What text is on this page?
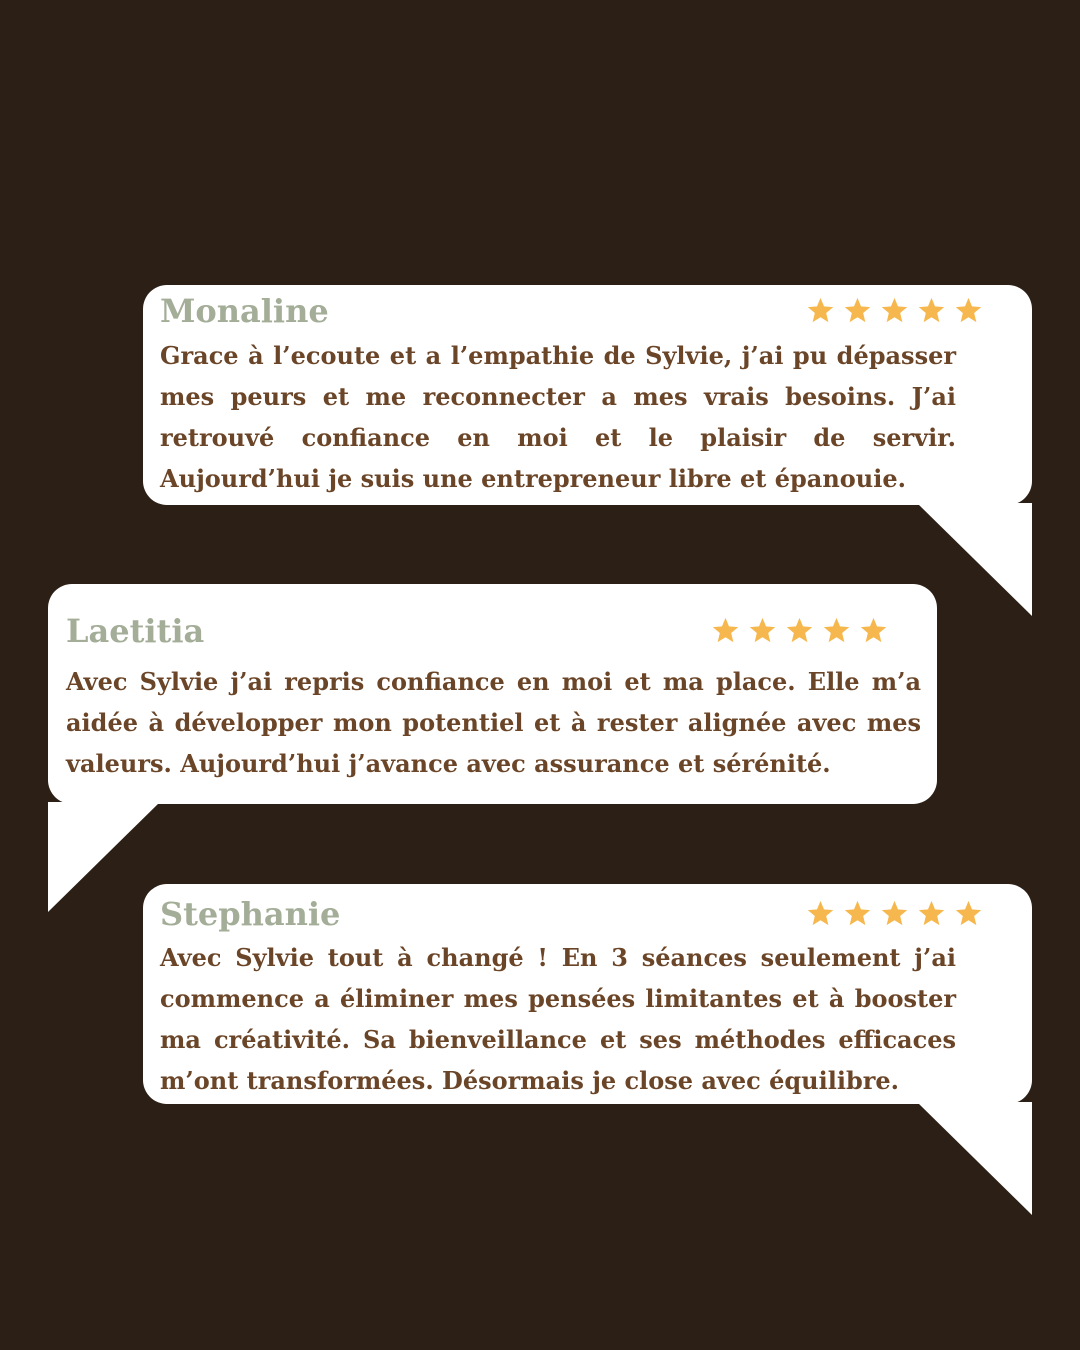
Monaline

Grace à l’ecoute et a l’empathie de Sylvie, j’ai pu dépasser mes peurs et me reconnecter a mes vrais besoins. J’ai retrouvé confiance en moi et le plaisir de servir. Aujourd’hui je suis une entrepreneur libre et épanouie.

Laetitia

Avec Sylvie j’ai repris confiance en moi et ma place. Elle m’a aidée à développer mon potentiel et à rester alignée avec mes valeurs. Aujourd’hui j’avance avec assurance et sérénité.

Stephanie

Avec Sylvie tout à changé ! En 3 séances seulement j’ai commence a éliminer mes pensées limitantes et à booster ma créativité. Sa bienveillance et ses méthodes efficaces m’ont transformées. Désormais je close avec équilibre.
